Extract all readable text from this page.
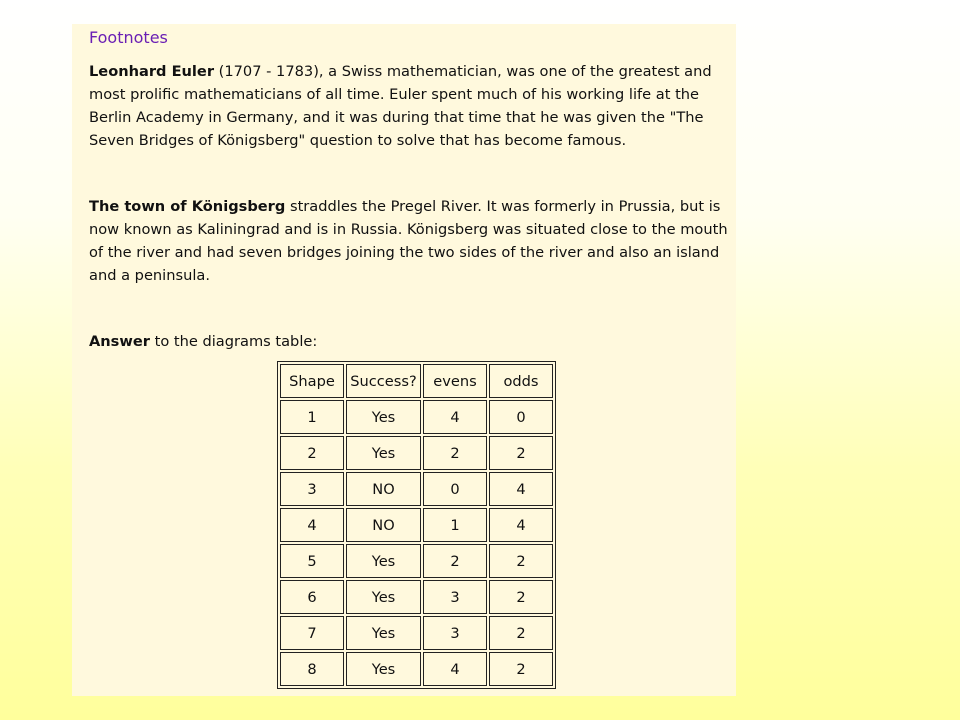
Footnotes

Leonhard Euler (1707 - 1783), a Swiss mathematician, was one of the greatest and most prolific mathematicians of all time. Euler spent much of his working life at the Berlin Academy in Germany, and it was during that time that he was given the "The Seven Bridges of Königsberg" question to solve that has become famous.

The town of Königsberg straddles the Pregel River. It was formerly in Prussia, but is now known as Kaliningrad and is in Russia. Königsberg was situated close to the mouth of the river and had seven bridges joining the two sides of the river and also an island and a peninsula.

Answer to the diagrams table:

Shape	Success?	evens	odds
1	Yes	4	0
2	Yes	2	2
3	NO	0	4
4	NO	1	4
5	Yes	2	2
6	Yes	3	2
7	Yes	3	2
8	Yes	4	2
